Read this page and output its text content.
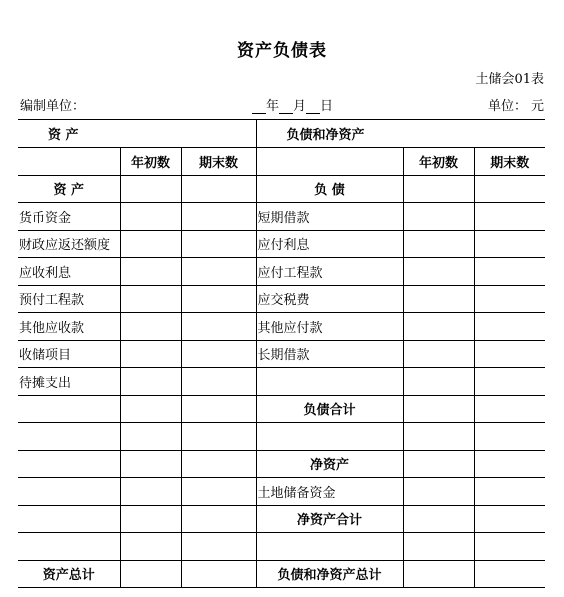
资产负债表
土储会01表
编制单位：	年 月 日	单位： 元
资 产			负债和净资产		
	年初数	期末数		年初数	期末数
资 产			负 债		
货币资金			短期借款		
财政应返还额度			应付利息		
应收利息			应付工程款		
预付工程款			应交税费		
其他应收款			其他应付款		
收储项目			长期借款		
待摊支出					
			负债合计		

			净资产		
			土地储备资金		
			净资产合计		

资产总计			负债和净资产总计		
